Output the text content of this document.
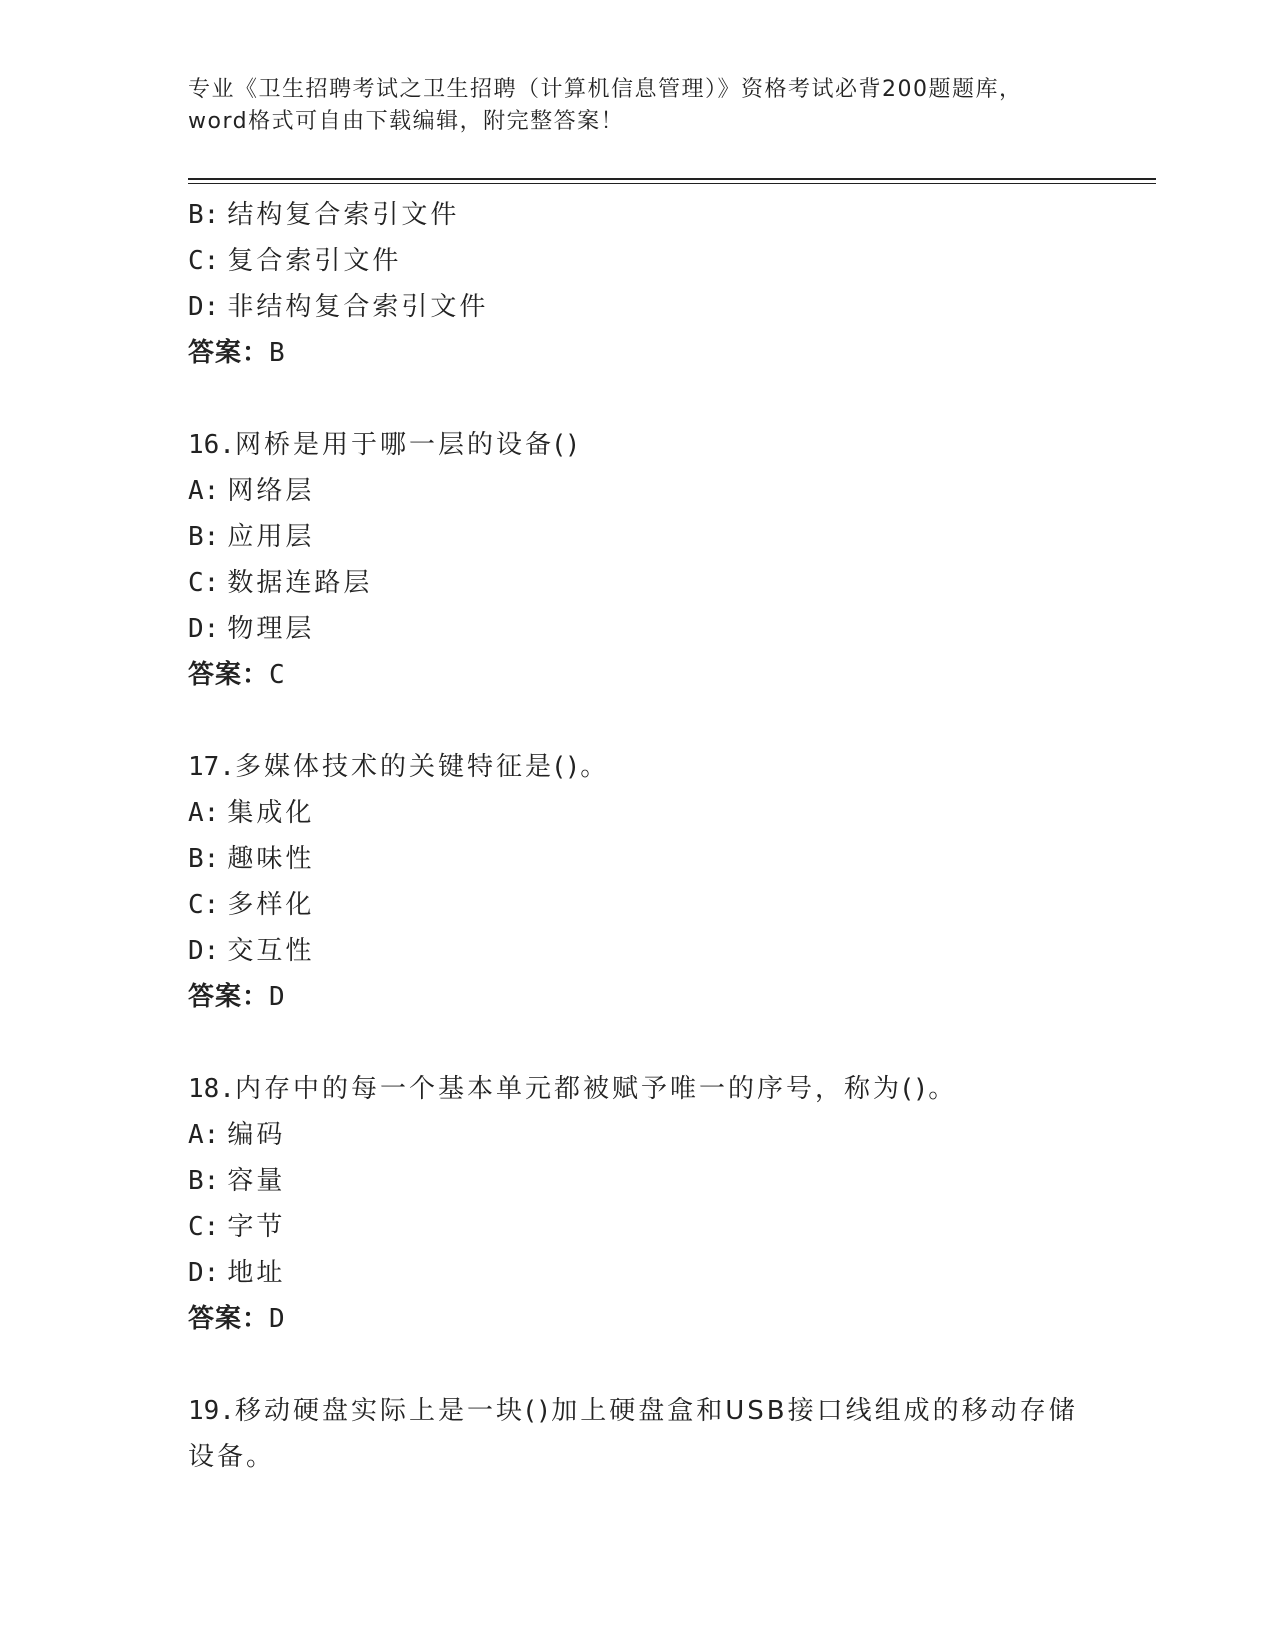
专业《卫生招聘考试之卫生招聘（计算机信息管理）》资格考试必背200题题库，

word格式可自由下载编辑，附完整答案！

B: 结构复合索引文件

C: 复合索引文件

D: 非结构复合索引文件

答案：B

16.网桥是用于哪一层的设备()

A: 网络层

B: 应用层

C: 数据连路层

D: 物理层

答案：C

17.多媒体技术的关键特征是()。

A: 集成化

B: 趣味性

C: 多样化

D: 交互性

答案：D

18.内存中的每一个基本单元都被赋予唯一的序号，称为()。

A: 编码

B: 容量

C: 字节

D: 地址

答案：D

19.移动硬盘实际上是一块()加上硬盘盒和USB接口线组成的移动存储

设备。
